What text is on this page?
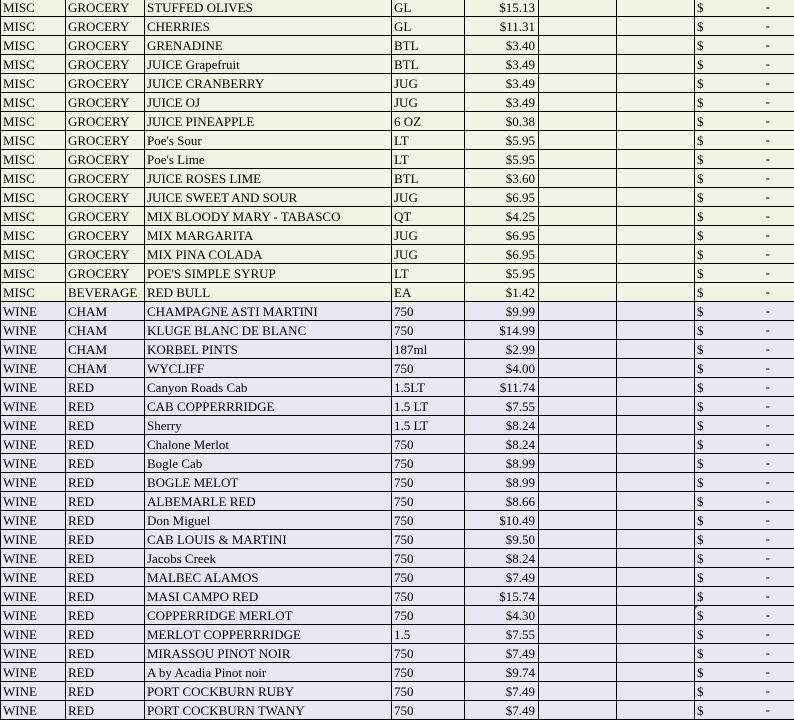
MISC	GROCERY	STUFFED OLIVES	GL	$15.13			$ -

MISC	GROCERY	CHERRIES	GL	$11.31			$ -

MISC	GROCERY	GRENADINE	BTL	$3.40			$ -

MISC	GROCERY	JUICE Grapefruit	BTL	$3.49			$ -

MISC	GROCERY	JUICE CRANBERRY	JUG	$3.49			$ -

MISC	GROCERY	JUICE OJ	JUG	$3.49			$ -

MISC	GROCERY	JUICE PINEAPPLE	6 OZ	$0.38			$ -

MISC	GROCERY	Poe's Sour	LT	$5.95			$ -

MISC	GROCERY	Poe's Lime	LT	$5.95			$ -

MISC	GROCERY	JUICE ROSES LIME	BTL	$3.60			$ -

MISC	GROCERY	JUICE SWEET AND SOUR	JUG	$6.95			$ -

MISC	GROCERY	MIX BLOODY MARY - TABASCO	QT	$4.25			$ -

MISC	GROCERY	MIX MARGARITA	JUG	$6.95			$ -

MISC	GROCERY	MIX PINA COLADA	JUG	$6.95			$ -

MISC	GROCERY	POE'S SIMPLE SYRUP	LT	$5.95			$ -

MISC	BEVERAGE	RED BULL	EA	$1.42			$ -

WINE	CHAM	CHAMPAGNE ASTI MARTINI	750	$9.99			$ -

WINE	CHAM	KLUGE BLANC DE BLANC	750	$14.99			$ -

WINE	CHAM	KORBEL PINTS	187ml	$2.99			$ -

WINE	CHAM	WYCLIFF	750	$4.00			$ -

WINE	RED	Canyon Roads Cab	1.5LT	$11.74			$ -

WINE	RED	CAB COPPERRRIDGE	1.5 LT	$7.55			$ -

WINE	RED	Sherry	1.5 LT	$8.24			$ -

WINE	RED	Chalone Merlot	750	$8.24			$ -

WINE	RED	Bogle Cab	750	$8.99			$ -

WINE	RED	BOGLE MELOT	750	$8.99			$ -

WINE	RED	ALBEMARLE RED	750	$8.66			$ -

WINE	RED	Don Miguel	750	$10.49			$ -

WINE	RED	CAB LOUIS & MARTINI	750	$9.50			$ -

WINE	RED	Jacobs Creek	750	$8.24			$ -

WINE	RED	MALBEC ALAMOS	750	$7.49			$ -

WINE	RED	MASI CAMPO RED	750	$15.74			$ -

WINE	RED	COPPERRIDGE MERLOT	750	$4.30			$ -

WINE	RED	MERLOT COPPERRRIDGE	1.5	$7.55			$ -

WINE	RED	MIRASSOU PINOT NOIR	750	$7.49			$ -

WINE	RED	A by Acadia Pinot noir	750	$9.74			$ -

WINE	RED	PORT COCKBURN RUBY	750	$7.49			$ -

WINE	RED	PORT COCKBURN TWANY	750	$7.49			$ -
